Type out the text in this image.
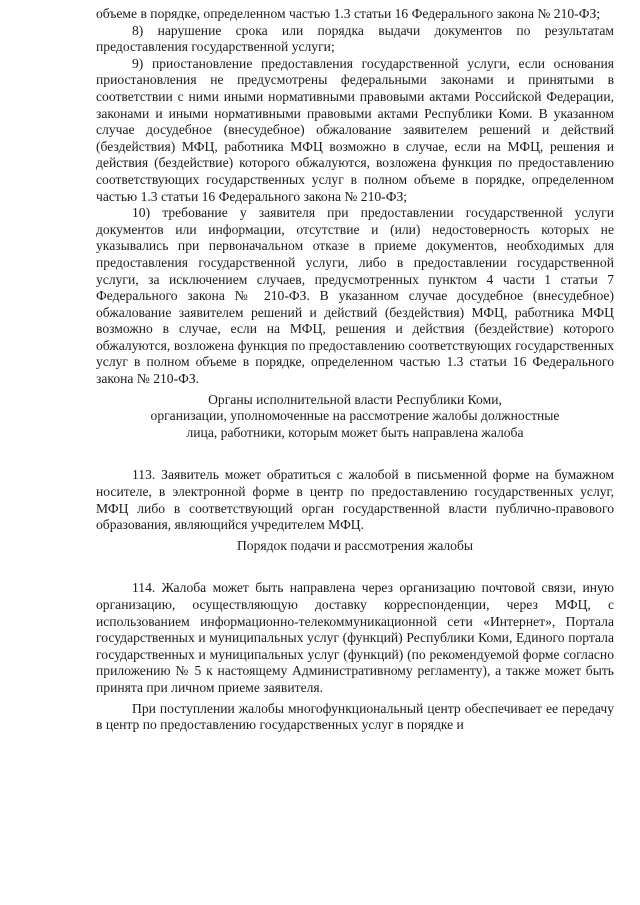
объеме в порядке, определенном частью 1.3 статьи 16 Федерального закона № 210-ФЗ;

8) нарушение срока или порядка выдачи документов по результатам предоставления государственной услуги;

9) приостановление предоставления государственной услуги, если основания приостановления не предусмотрены федеральными законами и принятыми в соответствии с ними иными нормативными правовыми актами Российской Федерации, законами и иными нормативными правовыми актами Республики Коми. В указанном случае досудебное (внесудебное) обжалование заявителем решений и действий (бездействия) МФЦ, работника МФЦ возможно в случае, если на МФЦ, решения и действия (бездействие) которого обжалуются, возложена функция по предоставлению соответствующих государственных услуг в полном объеме в порядке, определенном частью 1.3 статьи 16 Федерального закона № 210-ФЗ;

10) требование у заявителя при предоставлении государственной услуги документов или информации, отсутствие и (или) недостоверность которых не указывались при первоначальном отказе в приеме документов, необходимых для предоставления государственной услуги, либо в предоставлении государственной услуги, за исключением случаев, предусмотренных пунктом 4 части 1 статьи 7 Федерального закона № 210-ФЗ. В указанном случае досудебное (внесудебное) обжалование заявителем решений и действий (бездействия) МФЦ, работника МФЦ возможно в случае, если на МФЦ, решения и действия (бездействие) которого обжалуются, возложена функция по предоставлению соответствующих государственных услуг в полном объеме в порядке, определенном частью 1.3 статьи 16 Федерального закона № 210-ФЗ.

Органы исполнительной власти Республики Коми,
организации, уполномоченные на рассмотрение жалобы должностные
лица, работники, которым может быть направлена жалоба

113. Заявитель может обратиться с жалобой в письменной форме на бумажном носителе, в электронной форме в центр по предоставлению государственных услуг, МФЦ либо в соответствующий орган государственной власти публично-правового образования, являющийся учредителем МФЦ.

Порядок подачи и рассмотрения жалобы

114. Жалоба может быть направлена через организацию почтовой связи, иную организацию, осуществляющую доставку корреспонденции, через МФЦ, с использованием информационно-телекоммуникационной сети «Интернет», Портала государственных и муниципальных услуг (функций) Республики Коми, Единого портала государственных и муниципальных услуг (функций) (по рекомендуемой форме согласно приложению № 5 к настоящему Административному регламенту), а также может быть принята при личном приеме заявителя.

При поступлении жалобы многофункциональный центр обеспечивает ее передачу в центр по предоставлению государственных услуг в порядке и
